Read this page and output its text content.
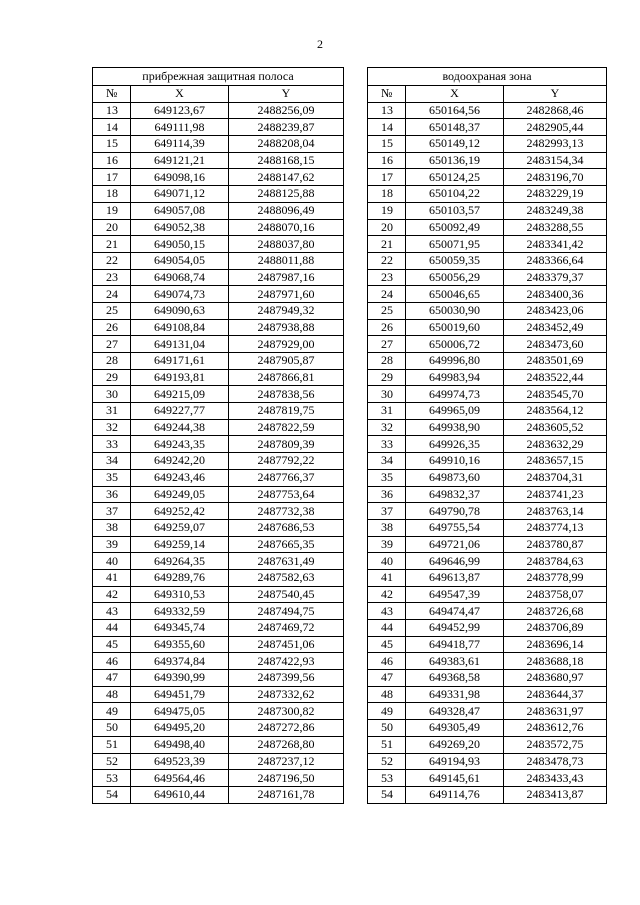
2
прибрежная защитная полоса				водоохраная зона		
№	X	Y		№	X	Y
13	649123,67	2488256,09		13	650164,56	2482868,46
14	649111,98	2488239,87		14	650148,37	2482905,44
15	649114,39	2488208,04		15	650149,12	2482993,13
16	649121,21	2488168,15		16	650136,19	2483154,34
17	649098,16	2488147,62		17	650124,25	2483196,70
18	649071,12	2488125,88		18	650104,22	2483229,19
19	649057,08	2488096,49		19	650103,57	2483249,38
20	649052,38	2488070,16		20	650092,49	2483288,55
21	649050,15	2488037,80		21	650071,95	2483341,42
22	649054,05	2488011,88		22	650059,35	2483366,64
23	649068,74	2487987,16		23	650056,29	2483379,37
24	649074,73	2487971,60		24	650046,65	2483400,36
25	649090,63	2487949,32		25	650030,90	2483423,06
26	649108,84	2487938,88		26	650019,60	2483452,49
27	649131,04	2487929,00		27	650006,72	2483473,60
28	649171,61	2487905,87		28	649996,80	2483501,69
29	649193,81	2487866,81		29	649983,94	2483522,44
30	649215,09	2487838,56		30	649974,73	2483545,70
31	649227,77	2487819,75		31	649965,09	2483564,12
32	649244,38	2487822,59		32	649938,90	2483605,52
33	649243,35	2487809,39		33	649926,35	2483632,29
34	649242,20	2487792,22		34	649910,16	2483657,15
35	649243,46	2487766,37		35	649873,60	2483704,31
36	649249,05	2487753,64		36	649832,37	2483741,23
37	649252,42	2487732,38		37	649790,78	2483763,14
38	649259,07	2487686,53		38	649755,54	2483774,13
39	649259,14	2487665,35		39	649721,06	2483780,87
40	649264,35	2487631,49		40	649646,99	2483784,63
41	649289,76	2487582,63		41	649613,87	2483778,99
42	649310,53	2487540,45		42	649547,39	2483758,07
43	649332,59	2487494,75		43	649474,47	2483726,68
44	649345,74	2487469,72		44	649452,99	2483706,89
45	649355,60	2487451,06		45	649418,77	2483696,14
46	649374,84	2487422,93		46	649383,61	2483688,18
47	649390,99	2487399,56		47	649368,58	2483680,97
48	649451,79	2487332,62		48	649331,98	2483644,37
49	649475,05	2487300,82		49	649328,47	2483631,97
50	649495,20	2487272,86		50	649305,49	2483612,76
51	649498,40	2487268,80		51	649269,20	2483572,75
52	649523,39	2487237,12		52	649194,93	2483478,73
53	649564,46	2487196,50		53	649145,61	2483433,43
54	649610,44	2487161,78		54	649114,76	2483413,87
